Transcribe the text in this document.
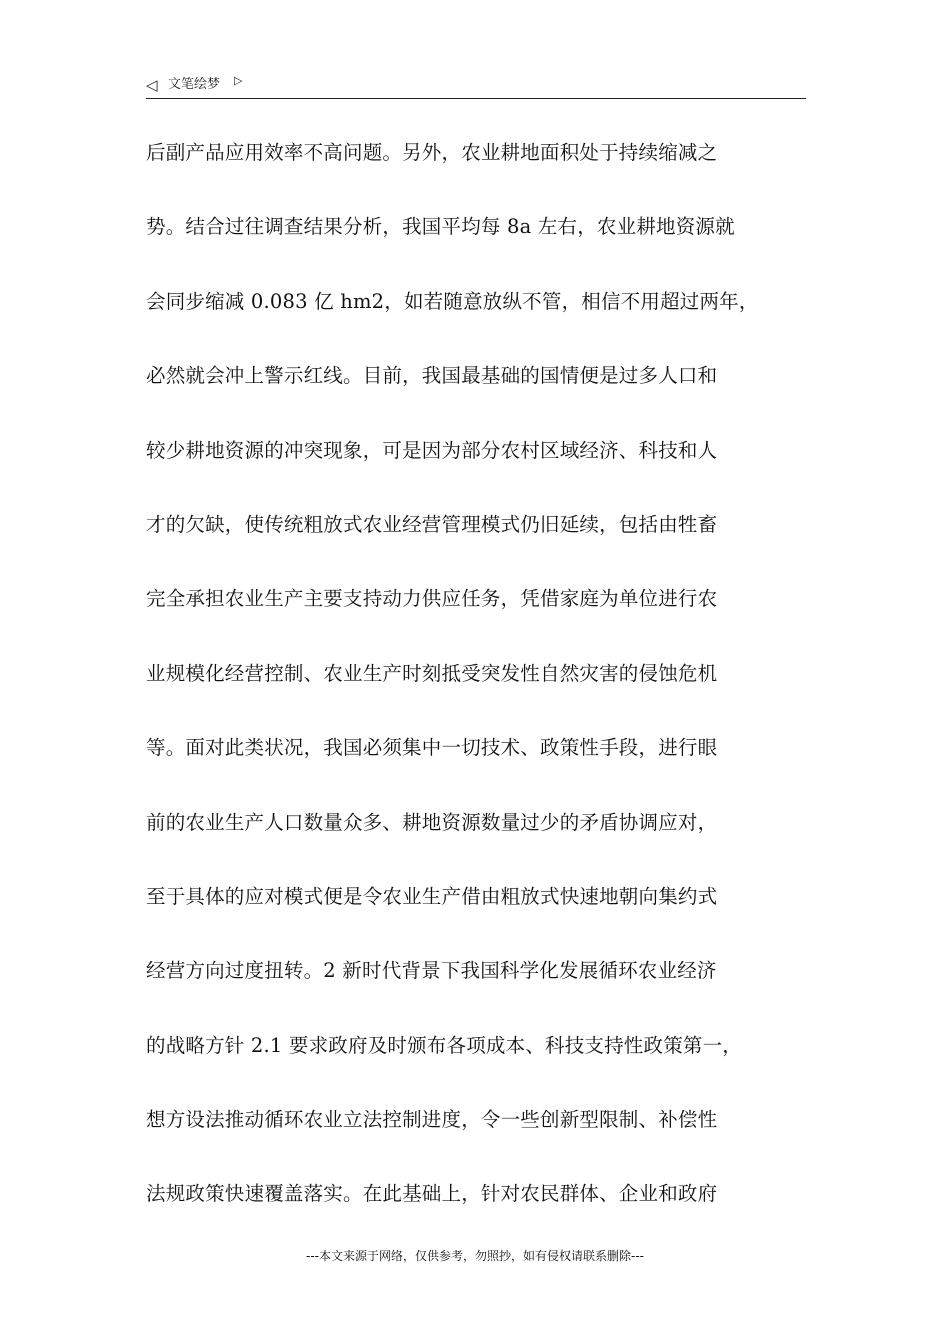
◁ 文笔绘梦 ▷
后副产品应用效率不高问题。另外，农业耕地面积处于持续缩减之
势。结合过往调查结果分析，我国平均每 8a 左右，农业耕地资源就
会同步缩减 0.083 亿 hm2，如若随意放纵不管，相信不用超过两年，
必然就会冲上警示红线。目前，我国最基础的国情便是过多人口和
较少耕地资源的冲突现象，可是因为部分农村区域经济、科技和人
才的欠缺，使传统粗放式农业经营管理模式仍旧延续，包括由牲畜
完全承担农业生产主要支持动力供应任务，凭借家庭为单位进行农
业规模化经营控制、农业生产时刻抵受突发性自然灾害的侵蚀危机
等。面对此类状况，我国必须集中一切技术、政策性手段，进行眼
前的农业生产人口数量众多、耕地资源数量过少的矛盾协调应对，
至于具体的应对模式便是令农业生产借由粗放式快速地朝向集约式
经营方向过度扭转。2 新时代背景下我国科学化发展循环农业经济
的战略方针 2.1 要求政府及时颁布各项成本、科技支持性政策第一，
想方设法推动循环农业立法控制进度，令一些创新型限制、补偿性
法规政策快速覆盖落实。在此基础上，针对农民群体、企业和政府
---本文来源于网络，仅供参考，勿照抄，如有侵权请联系删除---
